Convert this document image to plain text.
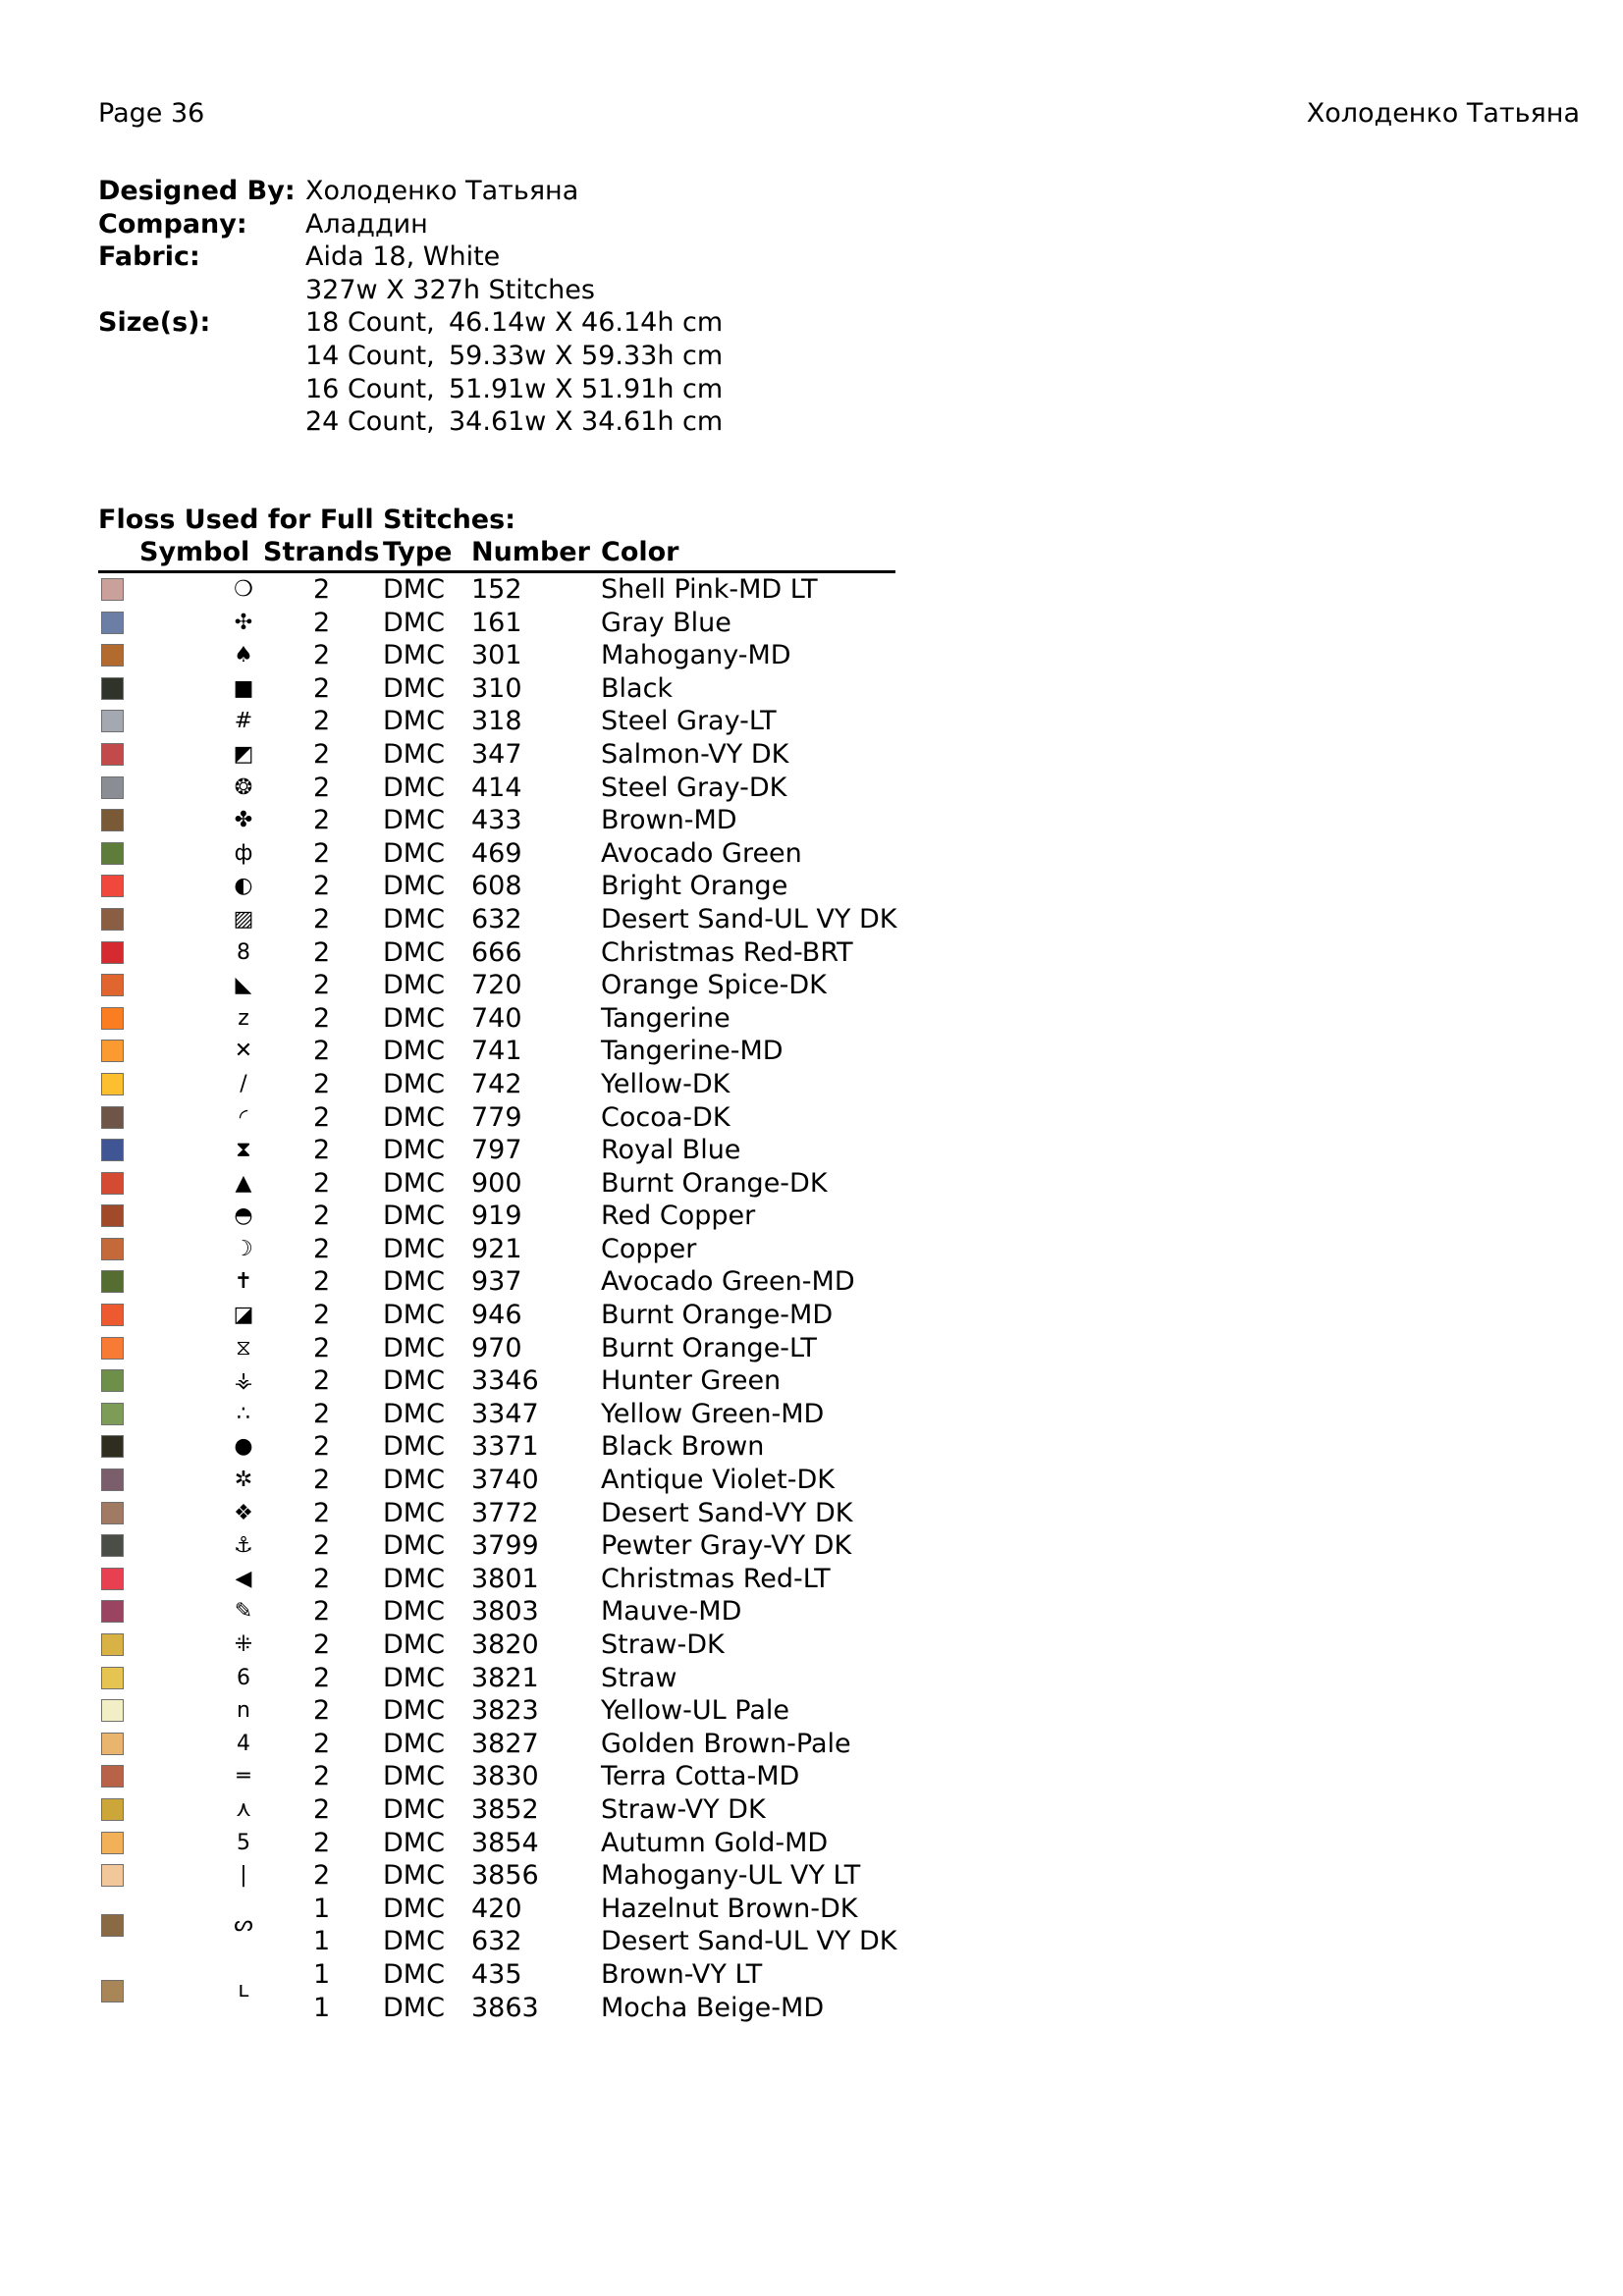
Page 36	Холоденко Татьяна
Designed By: Холоденко Татьяна
Company:	Аладдин
Fabric:	Aida 18, White
327w X 327h Stitches
Size(s):	18 Count, 46.14w X 46.14h cm
14 Count, 59.33w X 59.33h cm
16 Count, 51.91w X 51.91h cm
24 Count, 34.61w X 34.61h cm
Floss Used for Full Stitches:
Symbol Strands Type Number Color
❍	2 DMC 152	Shell Pink-MD LT
✣	2 DMC 161	Gray Blue
♠	2 DMC 301	Mahogany-MD
■	2 DMC 310	Black
#	2 DMC 318	Steel Gray-LT
◩	2 DMC 347	Salmon-VY DK
❂	2 DMC 414	Steel Gray-DK
✤	2 DMC 433	Brown-MD
ф	2 DMC 469	Avocado Green
◐	2 DMC 608	Bright Orange
▨	2 DMC 632	Desert Sand-UL VY DK
8	2 DMC 666	Christmas Red-BRT
◣	2 DMC 720	Orange Spice-DK
z	2 DMC 740	Tangerine
✕	2 DMC 741	Tangerine-MD
/	2 DMC 742	Yellow-DK
◜	2 DMC 779	Cocoa-DK
⧗	2 DMC 797	Royal Blue
▲	2 DMC 900	Burnt Orange-DK
◓	2 DMC 919	Red Copper
☽	2 DMC 921	Copper
✝	2 DMC 937	Avocado Green-MD
◪	2 DMC 946	Burnt Orange-MD
⧖	2 DMC 970	Burnt Orange-LT
⚶	2 DMC 3346 Hunter Green
∴	2 DMC 3347 Yellow Green-MD
●	2 DMC 3371 Black Brown
✲	2 DMC 3740 Antique Violet-DK
❖	2 DMC 3772 Desert Sand-VY DK
⚓	2 DMC 3799 Pewter Gray-VY DK
◀	2 DMC 3801 Christmas Red-LT
✎	2 DMC 3803 Mauve-MD
⁜	2 DMC 3820 Straw-DK
6	2 DMC 3821 Straw
n	2 DMC 3823 Yellow-UL Pale
4	2 DMC 3827 Golden Brown-Pale
═	2 DMC 3830 Terra Cotta-MD
⋏	2 DMC 3852 Straw-VY DK
5	2 DMC 3854 Autumn Gold-MD
|	2 DMC 3856 Mahogany-UL VY LT
ᔕ
1 DMC 420	Hazelnut Brown-DK
1 DMC 632	Desert Sand-UL VY DK
ʟ
1 DMC 435	Brown-VY LT
1 DMC 3863 Mocha Beige-MD
